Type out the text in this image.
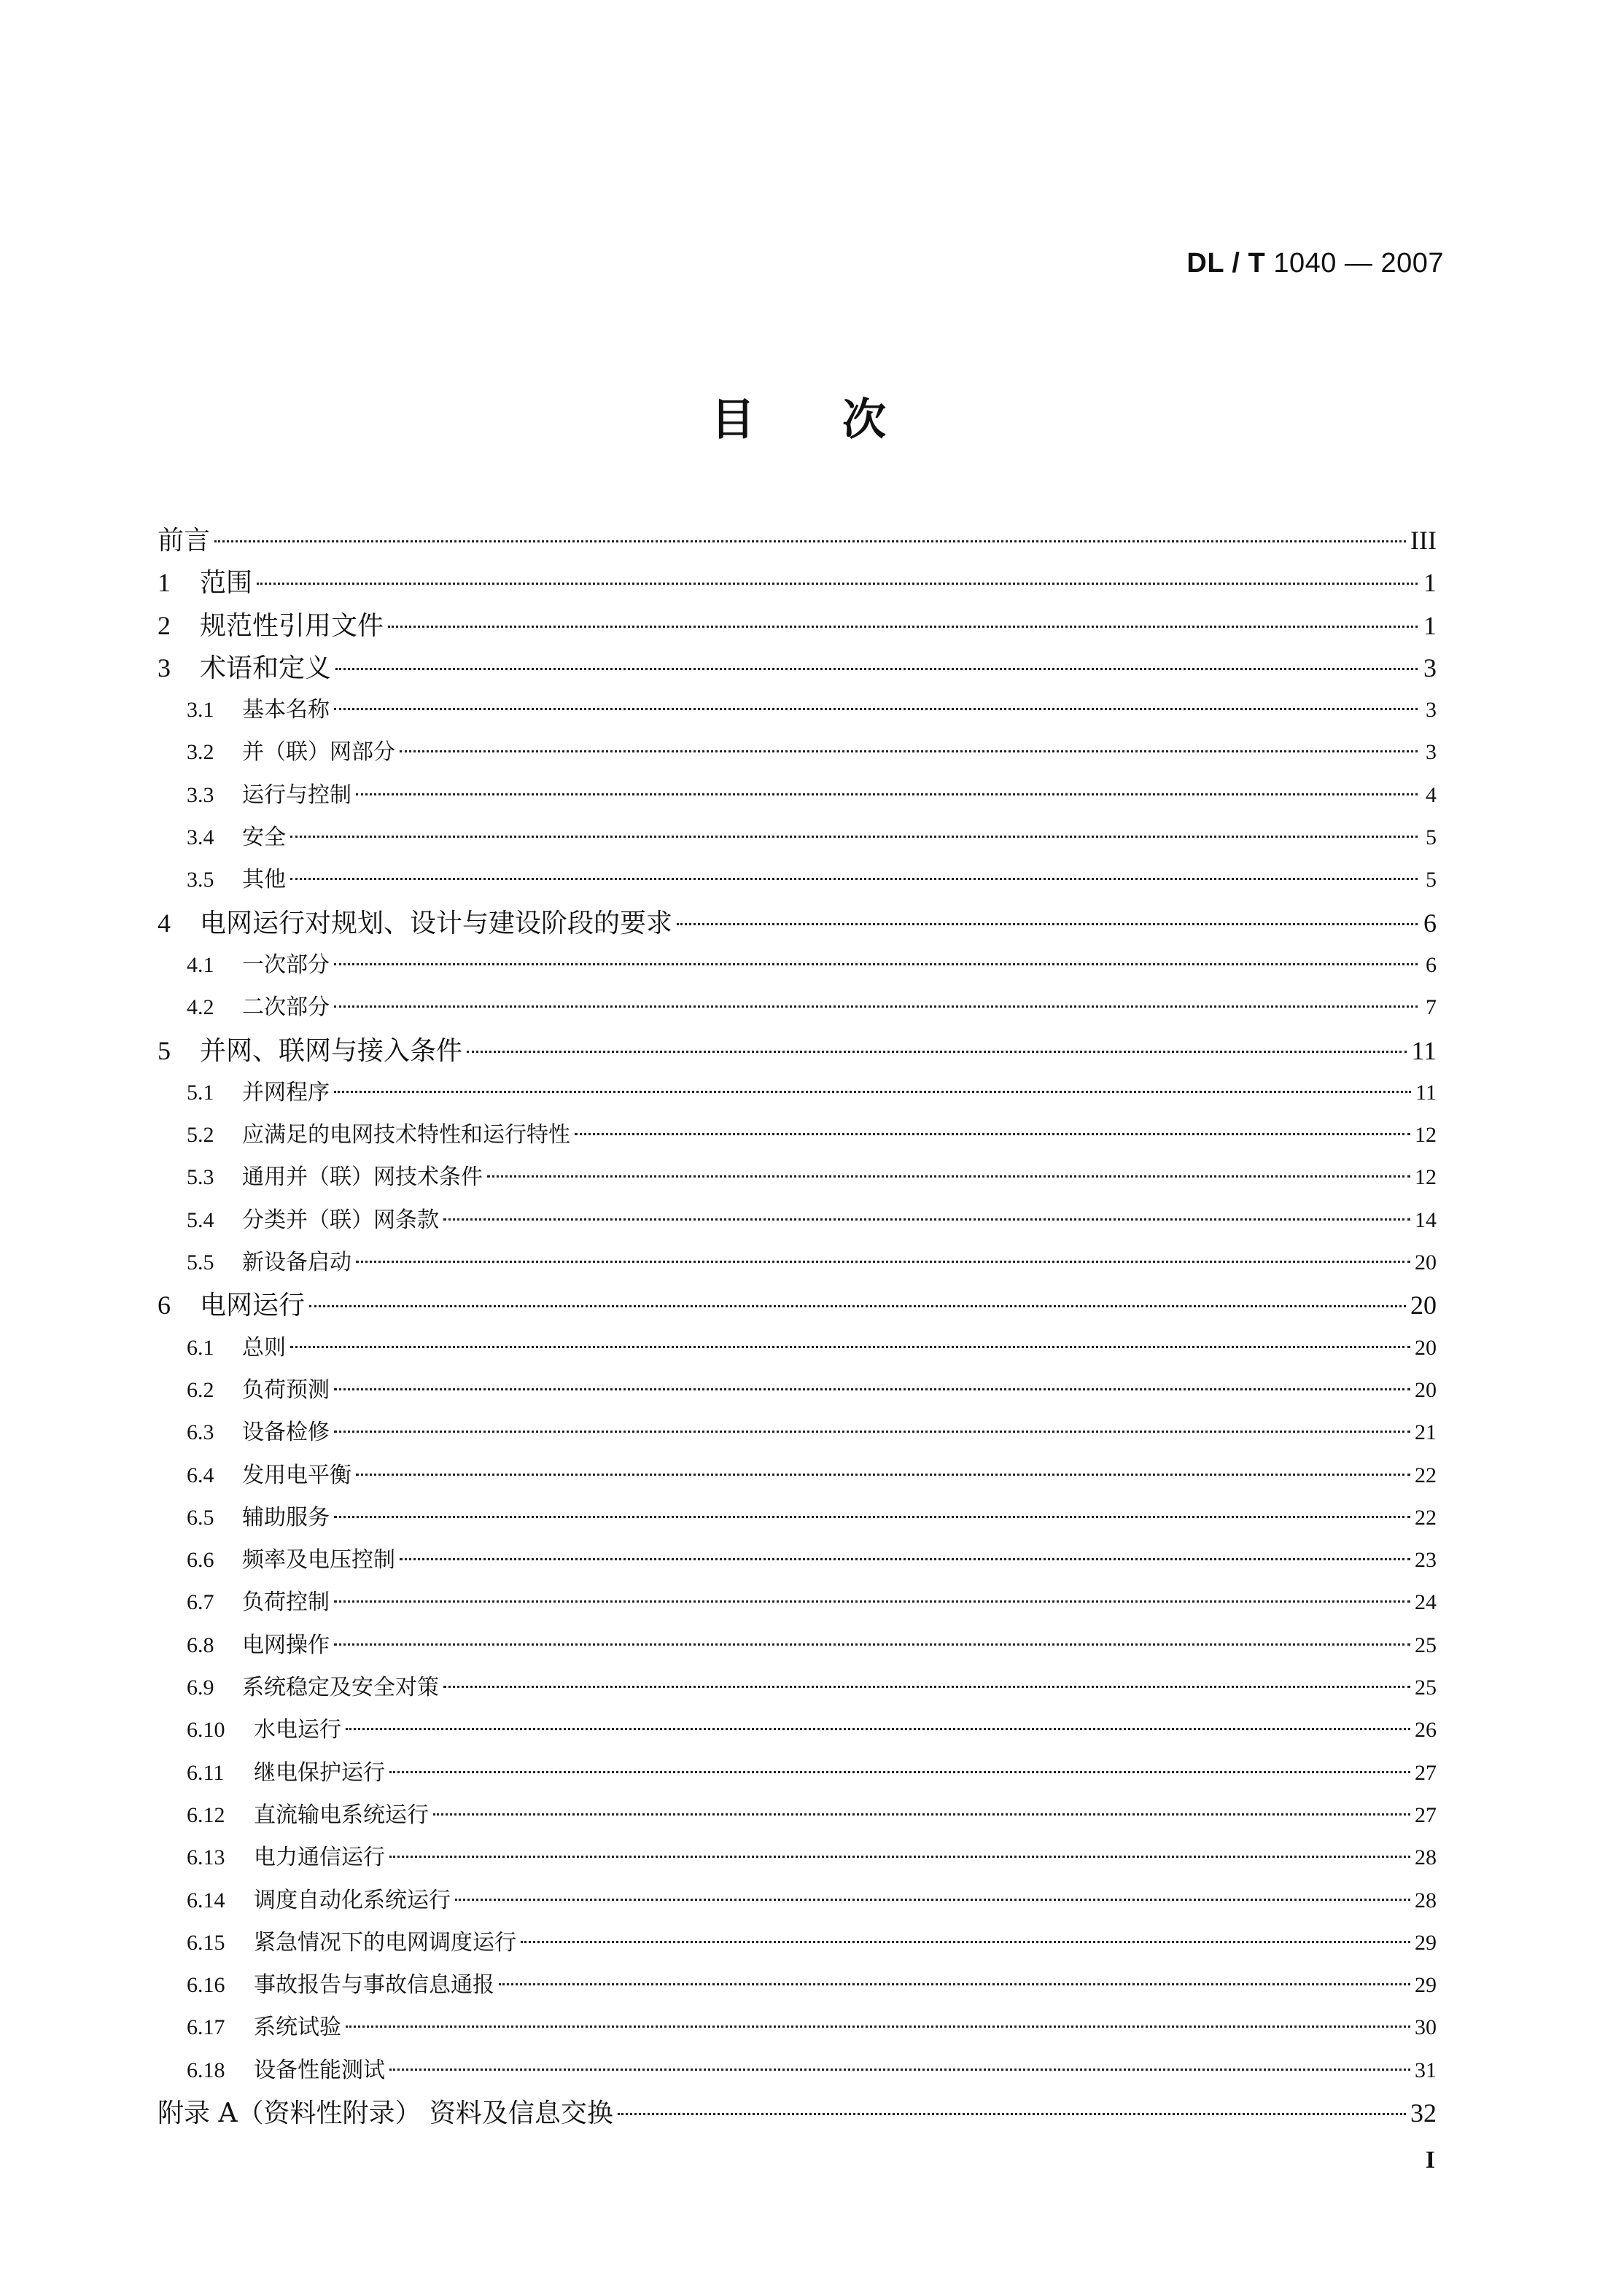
DL / T 1040 — 2007
目 次
前言	III
1	范围	1
2	规范性引用文件	1
3	术语和定义	3
3.1	基本名称	3
3.2	并（联）网部分	3
3.3	运行与控制	4
3.4	安全	5
3.5	其他	5
4	电网运行对规划、设计与建设阶段的要求	6
4.1	一次部分	6
4.2	二次部分	7
5	并网、联网与接入条件	11
5.1	并网程序	11
5.2	应满足的电网技术特性和运行特性	12
5.3	通用并（联）网技术条件	12
5.4	分类并（联）网条款	14
5.5	新设备启动	20
6	电网运行	20
6.1	总则	20
6.2	负荷预测	20
6.3	设备检修	21
6.4	发用电平衡	22
6.5	辅助服务	22
6.6	频率及电压控制	23
6.7	负荷控制	24
6.8	电网操作	25
6.9	系统稳定及安全对策	25
6.10	水电运行	26
6.11	继电保护运行	27
6.12	直流输电系统运行	27
6.13	电力通信运行	28
6.14	调度自动化系统运行	28
6.15	紧急情况下的电网调度运行	29
6.16	事故报告与事故信息通报	29
6.17	系统试验	30
6.18	设备性能测试	31
附录 A（资料性附录） 资料及信息交换	32
I
